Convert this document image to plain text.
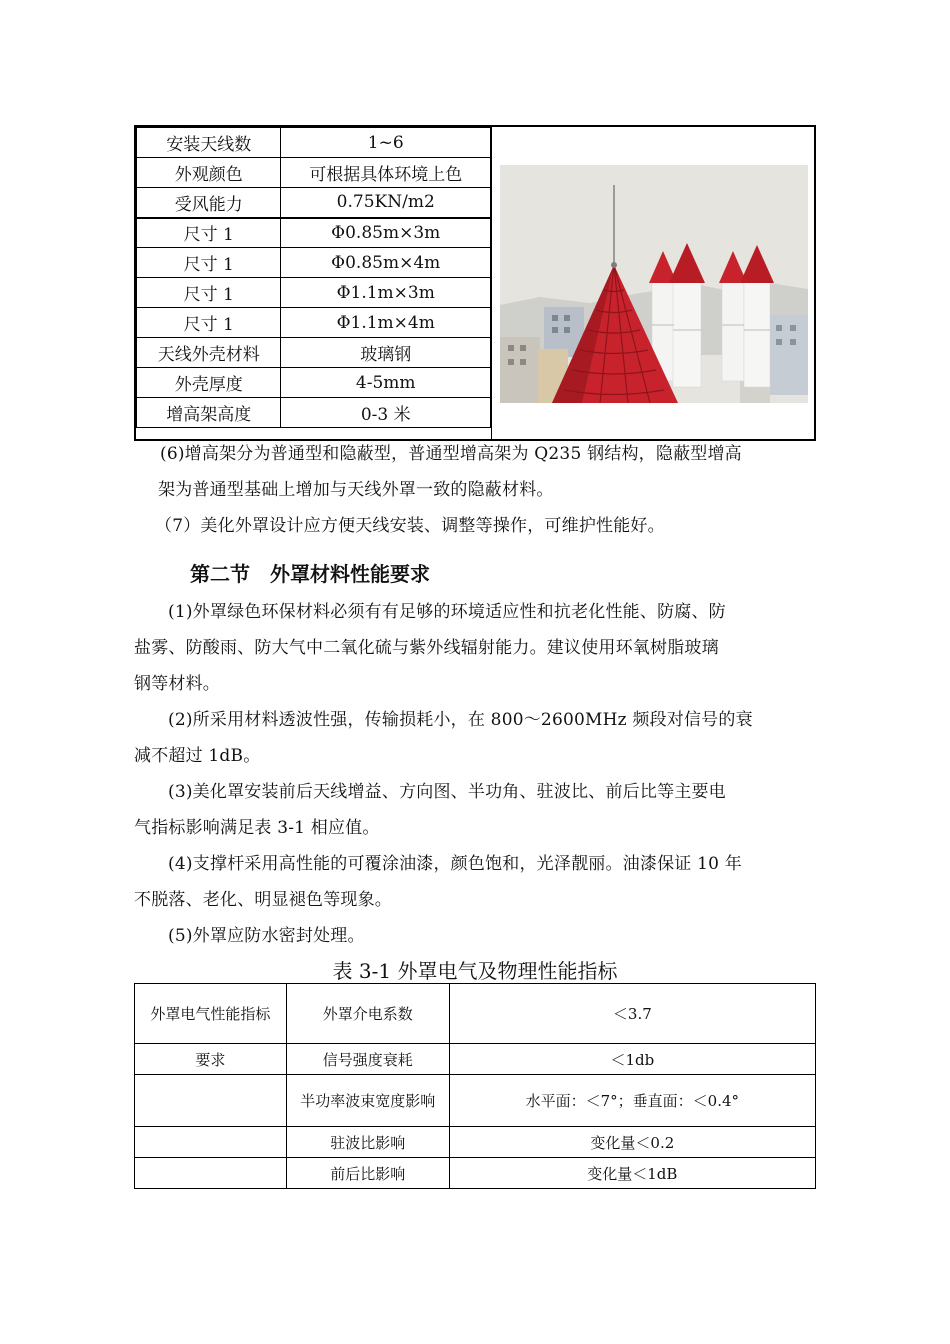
安装天线数	1~6
外观颜色	可根据具体环境上色
受风能力	0.75KN/m2
尺寸 1	Φ0.85m×3m
尺寸 1	Φ0.85m×4m
尺寸 1	Φ1.1m×3m
尺寸 1	Φ1.1m×4m
天线外壳材料	玻璃钢
外壳厚度	4-5mm
增高架高度	0-3 米

(6)增高架分为普通型和隐蔽型，普通型增高架为 Q235 钢结构，隐蔽型增高

架为普通型基础上增加与天线外罩一致的隐蔽材料。

（7）美化外罩设计应方便天线安装、调整等操作，可维护性能好。

第二节　外罩材料性能要求

(1)外罩绿色环保材料必须有有足够的环境适应性和抗老化性能、防腐、防

盐雾、防酸雨、防大气中二氧化硫与紫外线辐射能力。建议使用环氧树脂玻璃

钢等材料。

(2)所采用材料透波性强，传输损耗小，在 800～2600MHz 频段对信号的衰

减不超过 1dB。

(3)美化罩安装前后天线增益、方向图、半功角、驻波比、前后比等主要电

气指标影响满足表 3-1 相应值。

(4)支撑杆采用高性能的可覆涂油漆，颜色饱和，光泽靓丽。油漆保证 10 年

不脱落、老化、明显褪色等现象。

(5)外罩应防水密封处理。

表 3-1 外罩电气及物理性能指标
外罩电气性能指标	外罩介电系数	＜3.7
要求	信号强度衰耗	＜1db
	半功率波束宽度影响	水平面：＜7°；垂直面：＜0.4°
	驻波比影响	变化量＜0.2
	前后比影响	变化量＜1dB
